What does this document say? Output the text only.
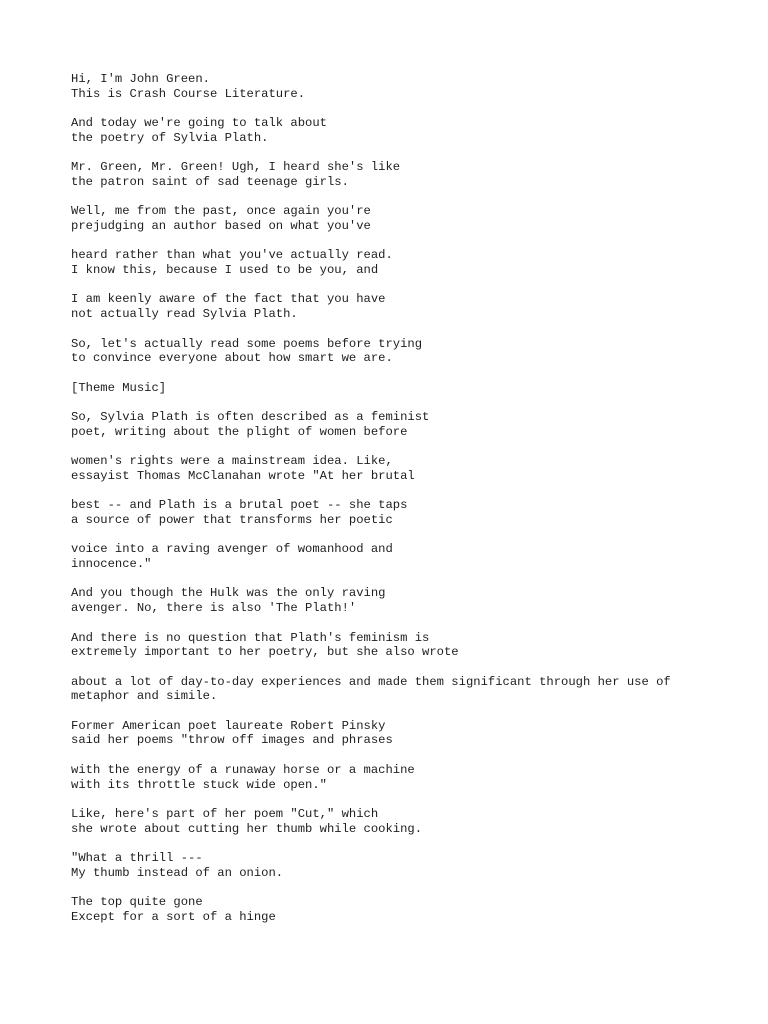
Hi, I'm John Green.
This is Crash Course Literature.

And today we're going to talk about
the poetry of Sylvia Plath.

Mr. Green, Mr. Green! Ugh, I heard she's like
the patron saint of sad teenage girls.

Well, me from the past, once again you're
prejudging an author based on what you've

heard rather than what you've actually read.
I know this, because I used to be you, and

I am keenly aware of the fact that you have
not actually read Sylvia Plath.

So, let's actually read some poems before trying
to convince everyone about how smart we are.

[Theme Music]

So, Sylvia Plath is often described as a feminist
poet, writing about the plight of women before

women's rights were a mainstream idea. Like,
essayist Thomas McClanahan wrote "At her brutal

best -- and Plath is a brutal poet -- she taps
a source of power that transforms her poetic

voice into a raving avenger of womanhood and
innocence."

And you though the Hulk was the only raving
avenger. No, there is also 'The Plath!'

And there is no question that Plath's feminism is
extremely important to her poetry, but she also wrote

about a lot of day-to-day experiences and made them significant through her use of
metaphor and simile.

Former American poet laureate Robert Pinsky
said her poems "throw off images and phrases

with the energy of a runaway horse or a machine
with its throttle stuck wide open."

Like, here's part of her poem "Cut," which
she wrote about cutting her thumb while cooking.

"What a thrill ---
My thumb instead of an onion.

The top quite gone
Except for a sort of a hinge
